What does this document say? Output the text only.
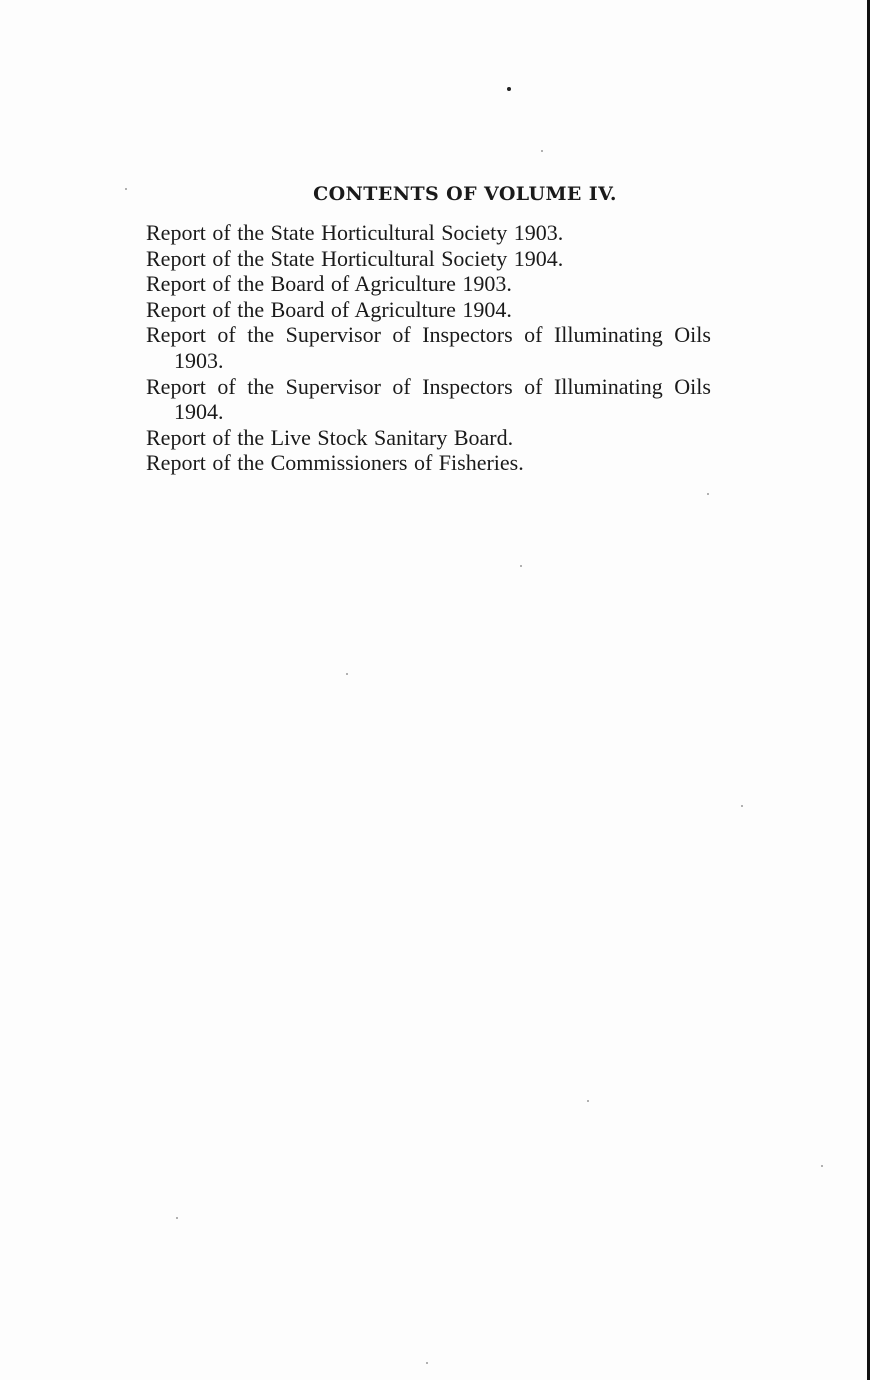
CONTENTS OF VOLUME IV.
Report of the State Horticultural Society 1903.
Report of the State Horticultural Society 1904.
Report of the Board of Agriculture 1903.
Report of the Board of Agriculture 1904.
Report of the Supervisor of Inspectors of Illuminating Oils
1903.
Report of the Supervisor of Inspectors of Illuminating Oils
1904.
Report of the Live Stock Sanitary Board.
Report of the Commissioners of Fisheries.
